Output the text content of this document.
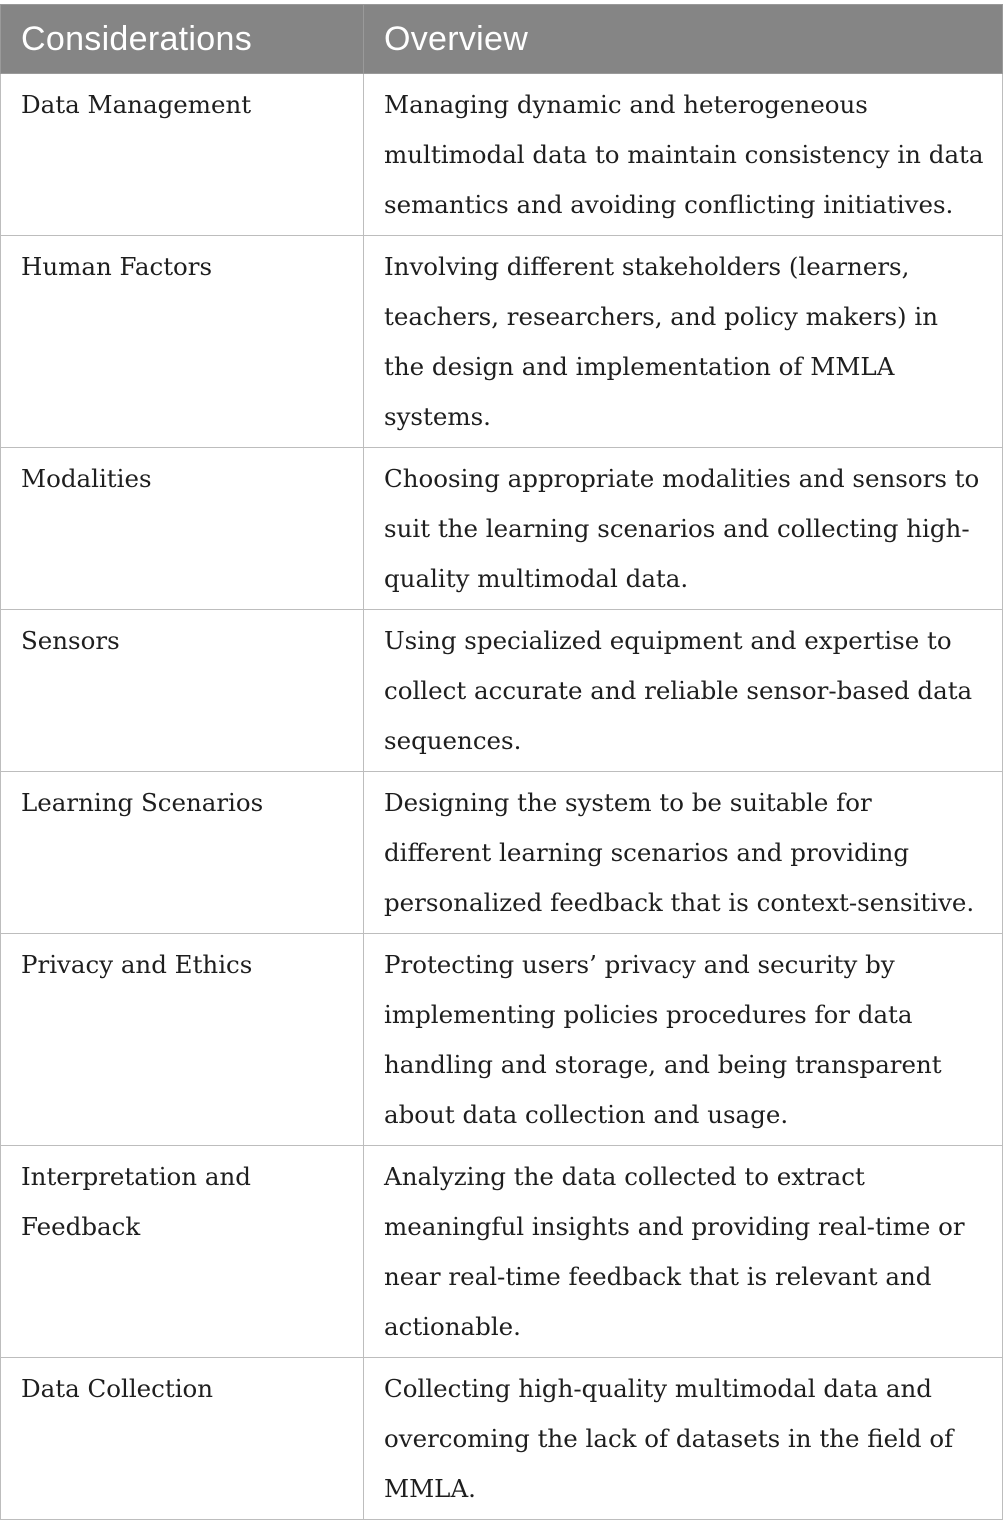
Considerations	Overview
Data Management	Managing dynamic and heterogeneous multimodal data to maintain consistency in data semantics and avoiding conflicting initiatives.
Human Factors	Involving different stakeholders (learners, teachers, researchers, and policy makers) in the design and implementation of MMLA systems.
Modalities	Choosing appropriate modalities and sensors to suit the learning scenarios and collecting high-quality multimodal data.
Sensors	Using specialized equipment and expertise to collect accurate and reliable sensor-based data sequences.
Learning Scenarios	Designing the system to be suitable for different learning scenarios and providing personalized feedback that is context-sensitive.
Privacy and Ethics	Protecting users’ privacy and security by implementing policies procedures for data handling and storage, and being transparent about data collection and usage.
Interpretation and Feedback	Analyzing the data collected to extract meaningful insights and providing real-time or near real-time feedback that is relevant and actionable.
Data Collection	Collecting high-quality multimodal data and overcoming the lack of datasets in the field of MMLA.
